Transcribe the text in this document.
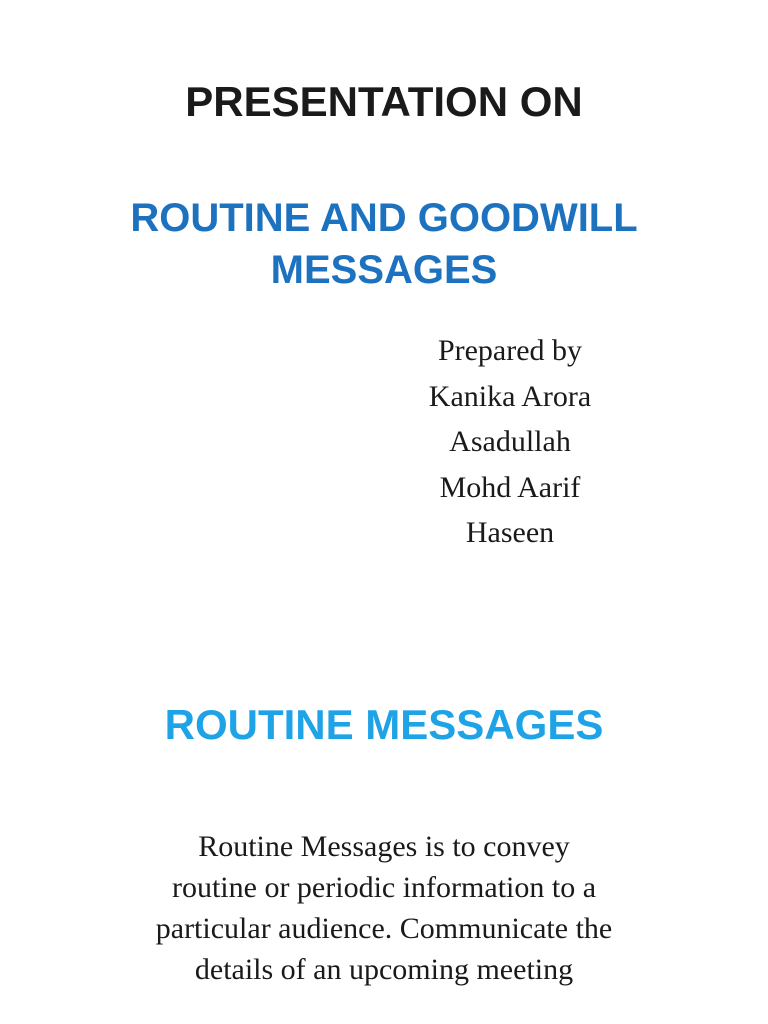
PRESENTATION ON
ROUTINE AND GOODWILL
MESSAGES
Prepared by
Kanika Arora
Asadullah
Mohd Aarif
Haseen
ROUTINE MESSAGES
Routine Messages is to convey
routine or periodic information to a
particular audience. Communicate the
details of an upcoming meeting
